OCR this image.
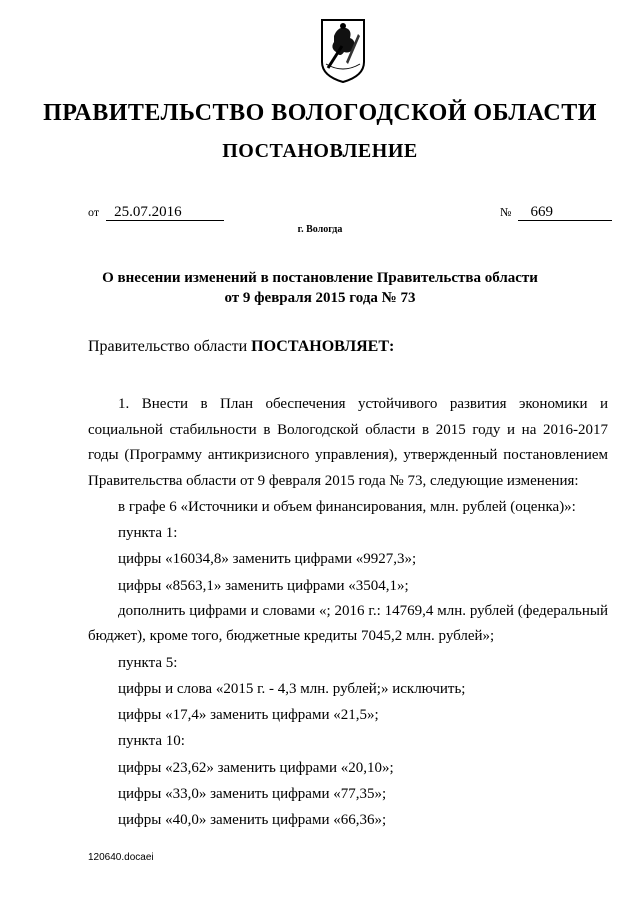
ПРАВИТЕЛЬСТВО ВОЛОГОДСКОЙ ОБЛАСТИ
ПОСТАНОВЛЕНИЕ
от 25.07.2016	№ 669
г. Вологда
О внесении изменений в постановление Правительства области
от 9 февраля 2015 года № 73
Правительство области ПОСТАНОВЛЯЕТ:

1. Внести в План обеспечения устойчивого развития экономики и социальной стабильности в Вологодской области в 2015 году и на 2016-2017 годы (Программу антикризисного управления), утвержденный постановлением Правительства области от 9 февраля 2015 года № 73, следующие изменения:

в графе 6 «Источники и объем финансирования, млн. рублей (оценка)»:

пункта 1:

цифры «16034,8» заменить цифрами «9927,3»;

цифры «8563,1» заменить цифрами «3504,1»;

дополнить цифрами и словами «; 2016 г.: 14769,4 млн. рублей (федеральный бюджет), кроме того, бюджетные кредиты 7045,2 млн. рублей»;

пункта 5:

цифры и слова «2015 г. - 4,3 млн. рублей;» исключить;

цифры «17,4» заменить цифрами «21,5»;

пункта 10:

цифры «23,62» заменить цифрами «20,10»;

цифры «33,0» заменить цифрами «77,35»;

цифры «40,0» заменить цифрами «66,36»;

120640.docaei
